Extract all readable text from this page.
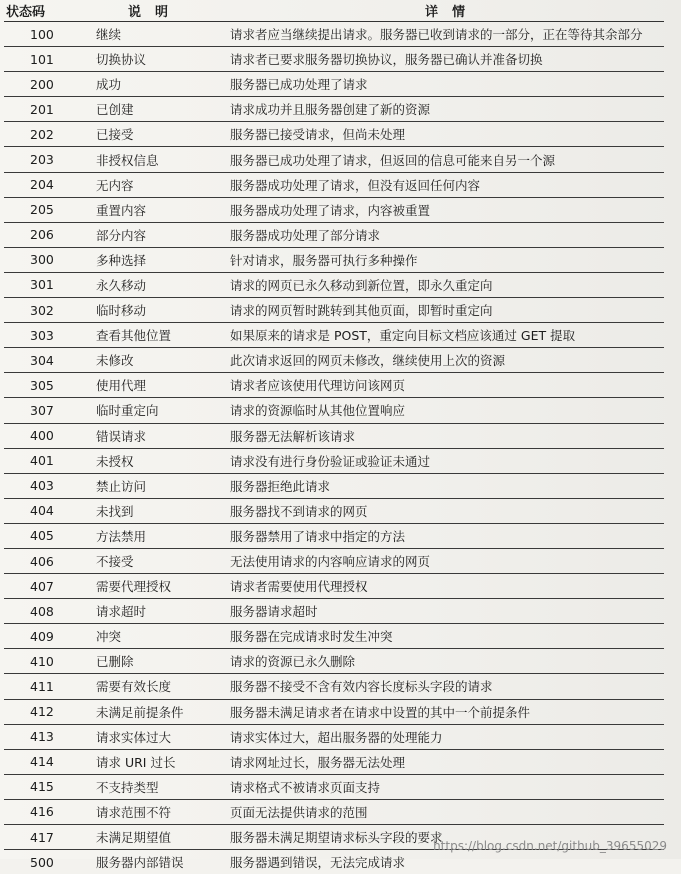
状态码	说明	详情
100	继续	请求者应当继续提出请求。服务器已收到请求的一部分，正在等待其余部分
101	切换协议	请求者已要求服务器切换协议，服务器已确认并准备切换
200	成功	服务器已成功处理了请求
201	已创建	请求成功并且服务器创建了新的资源
202	已接受	服务器已接受请求，但尚未处理
203	非授权信息	服务器已成功处理了请求，但返回的信息可能来自另一个源
204	无内容	服务器成功处理了请求，但没有返回任何内容
205	重置内容	服务器成功处理了请求，内容被重置
206	部分内容	服务器成功处理了部分请求
300	多种选择	针对请求，服务器可执行多种操作
301	永久移动	请求的网页已永久移动到新位置，即永久重定向
302	临时移动	请求的网页暂时跳转到其他页面，即暂时重定向
303	查看其他位置	如果原来的请求是 POST，重定向目标文档应该通过 GET 提取
304	未修改	此次请求返回的网页未修改，继续使用上次的资源
305	使用代理	请求者应该使用代理访问该网页
307	临时重定向	请求的资源临时从其他位置响应
400	错误请求	服务器无法解析该请求
401	未授权	请求没有进行身份验证或验证未通过
403	禁止访问	服务器拒绝此请求
404	未找到	服务器找不到请求的网页
405	方法禁用	服务器禁用了请求中指定的方法
406	不接受	无法使用请求的内容响应请求的网页
407	需要代理授权	请求者需要使用代理授权
408	请求超时	服务器请求超时
409	冲突	服务器在完成请求时发生冲突
410	已删除	请求的资源已永久删除
411	需要有效长度	服务器不接受不含有效内容长度标头字段的请求
412	未满足前提条件	服务器未满足请求者在请求中设置的其中一个前提条件
413	请求实体过大	请求实体过大，超出服务器的处理能力
414	请求 URI 过长	请求网址过长，服务器无法处理
415	不支持类型	请求格式不被请求页面支持
416	请求范围不符	页面无法提供请求的范围
417	未满足期望值	服务器未满足期望请求标头字段的要求
500	服务器内部错误	服务器遇到错误，无法完成请求
https://blog.csdn.net/github_39655029
